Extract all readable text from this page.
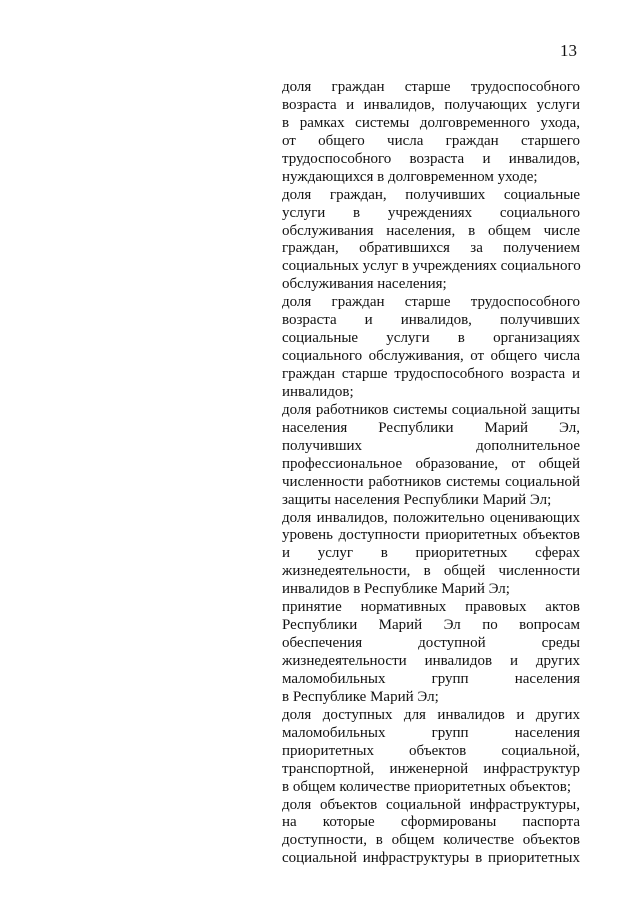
13
доля граждан старше трудоспособного
возраста и инвалидов, получающих услуги
в рамках системы долговременного ухода,
от общего числа граждан старшего
трудоспособного возраста и инвалидов,
нуждающихся в долговременном уходе;
доля граждан, получивших социальные
услуги в учреждениях социального
обслуживания населения, в общем числе
граждан, обратившихся за получением
социальных услуг в учреждениях социального
обслуживания населения;
доля граждан старше трудоспособного
возраста и инвалидов, получивших
социальные услуги в организациях
социального обслуживания, от общего числа
граждан старше трудоспособного возраста и
инвалидов;
доля работников системы социальной защиты
населения Республики Марий Эл,
получивших дополнительное
профессиональное образование, от общей
численности работников системы социальной
защиты населения Республики Марий Эл;
доля инвалидов, положительно оценивающих
уровень доступности приоритетных объектов
и услуг в приоритетных сферах
жизнедеятельности, в общей численности
инвалидов в Республике Марий Эл;
принятие нормативных правовых актов
Республики Марий Эл по вопросам
обеспечения доступной среды
жизнедеятельности инвалидов и других
маломобильных групп населения
в Республике Марий Эл;
доля доступных для инвалидов и других
маломобильных групп населения
приоритетных объектов социальной,
транспортной, инженерной инфраструктур
в общем количестве приоритетных объектов;
доля объектов социальной инфраструктуры,
на которые сформированы паспорта
доступности, в общем количестве объектов
социальной инфраструктуры в приоритетных
